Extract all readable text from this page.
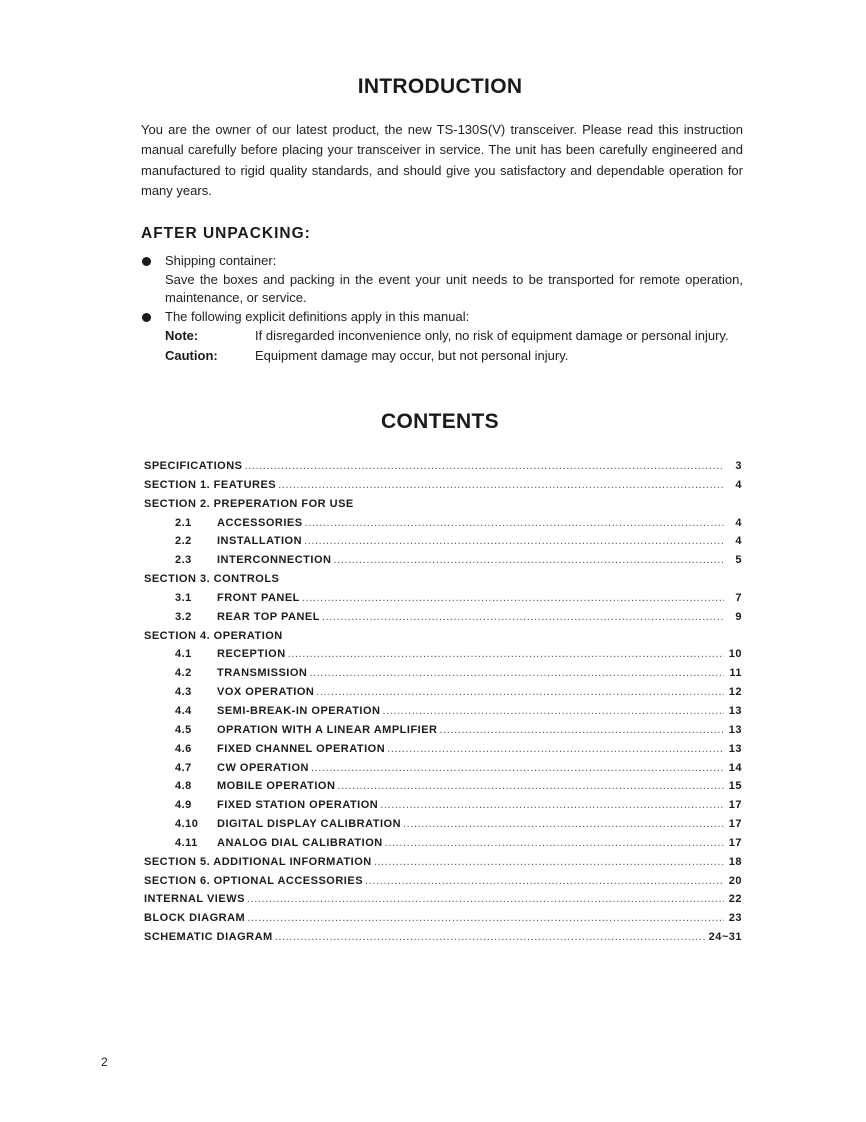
INTRODUCTION

You are the owner of our latest product, the new TS-130S(V) transceiver. Please read this instruction manual carefully before placing your transceiver in service. The unit has been carefully engineered and manufactured to rigid quality standards, and should give you satisfactory and dependable operation for many years.

AFTER UNPACKING:
Shipping container:
Save the boxes and packing in the event your unit needs to be transported for remote operation, maintenance, or service.
The following explicit definitions apply in this manual:
Note:	If disregarded inconvenience only, no risk of equipment damage or personal injury.
Caution:	Equipment damage may occur, but not personal injury.
CONTENTS
SPECIFICATIONS .....	3
SECTION 1. FEATURES .....	4
SECTION 2. PREPERATION FOR USE
2.1	ACCESSORIES .....	4
2.2	INSTALLATION .....	4
2.3	INTERCONNECTION .....	5
SECTION 3. CONTROLS
3.1	FRONT PANEL .....	7
3.2	REAR TOP PANEL .....	9
SECTION 4. OPERATION
4.1	RECEPTION .....	10
4.2	TRANSMISSION .....	11
4.3	VOX OPERATION .....	12
4.4	SEMI-BREAK-IN OPERATION .....	13
4.5	OPRATION WITH A LINEAR AMPLIFIER .....	13
4.6	FIXED CHANNEL OPERATION .....	13
4.7	CW OPERATION .....	14
4.8	MOBILE OPERATION .....	15
4.9	FIXED STATION OPERATION .....	17
4.10	DIGITAL DISPLAY CALIBRATION .....	17
4.11	ANALOG DIAL CALIBRATION .....	17
SECTION 5. ADDITIONAL INFORMATION .....	18
SECTION 6. OPTIONAL ACCESSORIES .....	20
INTERNAL VIEWS .....	22
BLOCK DIAGRAM .....	23
SCHEMATIC DIAGRAM .....	24~31

2
